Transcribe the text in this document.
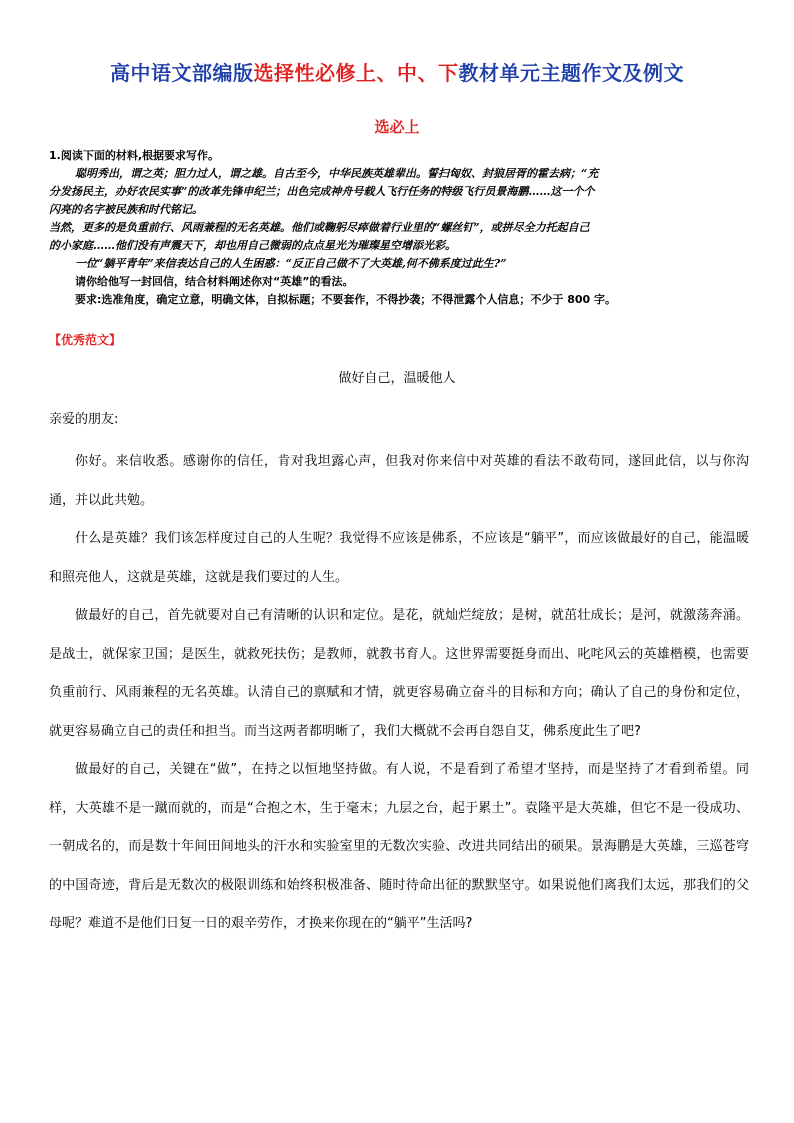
高中语文部编版选择性必修上、中、下教材单元主题作文及例文
选必上

1.阅读下面的材料,根据要求写作。

聪明秀出，谓之英；胆力过人，谓之雄。自古至今，中华民族英雄辈出。誓扫匈奴、封狼居胥的霍去病；“充

分发扬民主，办好农民实事”的改革先锋申纪兰；出色完成神舟号载人飞行任务的特级飞行员景海鹏……这一个个

闪亮的名字被民族和时代铭记。

当然，更多的是负重前行、风雨兼程的无名英雄。他们或鞠躬尽瘁做着行业里的“螺丝钉”，或拼尽全力托起自己

的小家庭……他们没有声震天下，却也用自己微弱的点点星光为璀璨星空增添光彩。

一位“躺平青年”来信表达自己的人生困惑：“反正自己做不了大英雄,何不佛系度过此生?”

请你给他写一封回信，结合材料阐述你对“英雄”的看法。

要求:选准角度，确定立意，明确文体，自拟标题；不要套作，不得抄袭；不得泄露个人信息；不少于 800 字。

【优秀范文】
做好自己，温暖他人
亲爱的朋友:

你好。来信收悉。感谢你的信任，肯对我坦露心声，但我对你来信中对英雄的看法不敢苟同，遂回此信，以与你沟通，并以此共勉。

什么是英雄？我们该怎样度过自己的人生呢？我觉得不应该是佛系，不应该是“躺平”，而应该做最好的自己，能温暖和照亮他人，这就是英雄，这就是我们要过的人生。

做最好的自己，首先就要对自己有清晰的认识和定位。是花，就灿烂绽放；是树，就茁壮成长；是河，就激荡奔涌。是战士，就保家卫国；是医生，就救死扶伤；是教师，就教书育人。这世界需要挺身而出、叱咤风云的英雄楷模，也需要负重前行、风雨兼程的无名英雄。认清自己的禀赋和才情，就更容易确立奋斗的目标和方向；确认了自己的身份和定位，就更容易确立自己的责任和担当。而当这两者都明晰了，我们大概就不会再自怨自艾，佛系度此生了吧?

做最好的自己，关键在“做”，在持之以恒地坚持做。有人说，不是看到了希望才坚持，而是坚持了才看到希望。同样，大英雄不是一蹴而就的，而是“合抱之木，生于毫末；九层之台，起于累土”。袁隆平是大英雄，但它不是一役成功、一朝成名的，而是数十年间田间地头的汗水和实验室里的无数次实验、改进共同结出的硕果。景海鹏是大英雄，三巡苍穹的中国奇迹，背后是无数次的极限训练和始终积极准备、随时待命出征的默默坚守。如果说他们离我们太远，那我们的父母呢？难道不是他们日复一日的艰辛劳作，才换来你现在的“躺平”生活吗?
